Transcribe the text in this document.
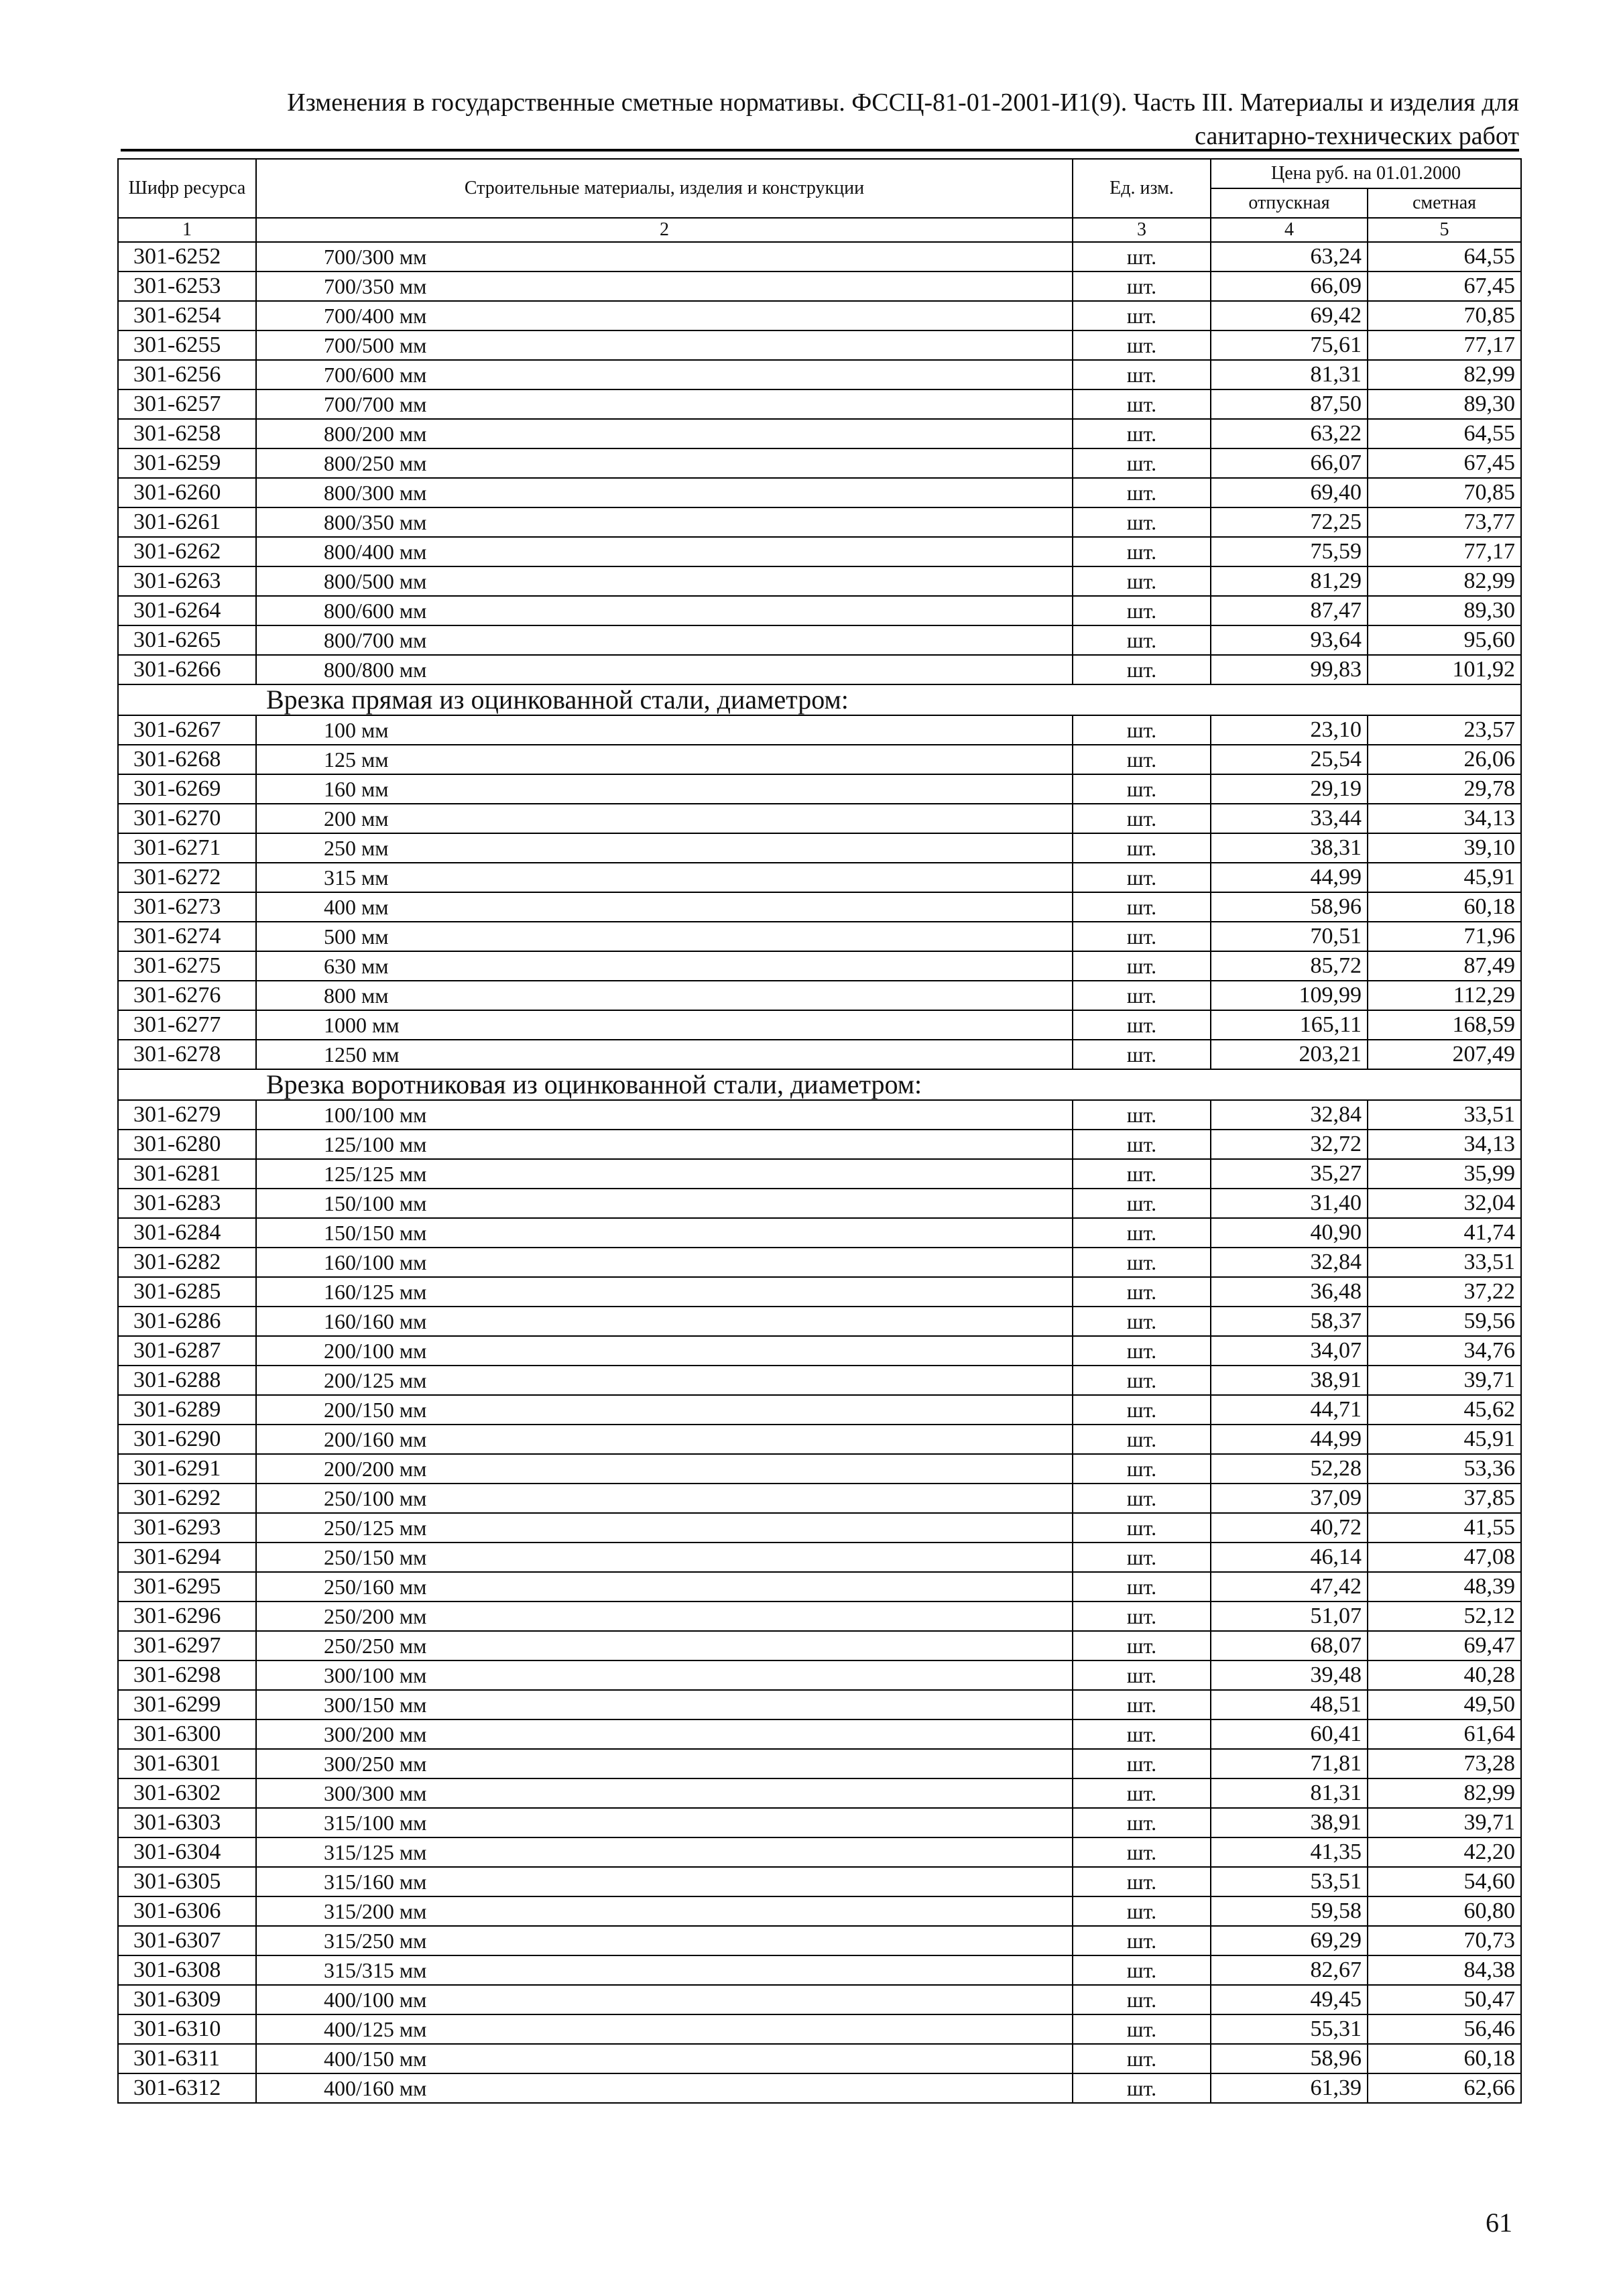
Изменения в государственные сметные нормативы. ФССЦ-81-01-2001-И1(9). Часть III. Материалы и изделия для
санитарно-технических работ
Шифр ресурса	Строительные материалы, изделия и конструкции	Ед. изм.	Цена руб. на 01.01.2000	
			отпускная	сметная
1	2	3	4	5
301-6252	700/300 мм	шт.	63,24	64,55
301-6253	700/350 мм	шт.	66,09	67,45
301-6254	700/400 мм	шт.	69,42	70,85
301-6255	700/500 мм	шт.	75,61	77,17
301-6256	700/600 мм	шт.	81,31	82,99
301-6257	700/700 мм	шт.	87,50	89,30
301-6258	800/200 мм	шт.	63,22	64,55
301-6259	800/250 мм	шт.	66,07	67,45
301-6260	800/300 мм	шт.	69,40	70,85
301-6261	800/350 мм	шт.	72,25	73,77
301-6262	800/400 мм	шт.	75,59	77,17
301-6263	800/500 мм	шт.	81,29	82,99
301-6264	800/600 мм	шт.	87,47	89,30
301-6265	800/700 мм	шт.	93,64	95,60
301-6266	800/800 мм	шт.	99,83	101,92
Врезка прямая из оцинкованной стали, диаметром:				
301-6267	100 мм	шт.	23,10	23,57
301-6268	125 мм	шт.	25,54	26,06
301-6269	160 мм	шт.	29,19	29,78
301-6270	200 мм	шт.	33,44	34,13
301-6271	250 мм	шт.	38,31	39,10
301-6272	315 мм	шт.	44,99	45,91
301-6273	400 мм	шт.	58,96	60,18
301-6274	500 мм	шт.	70,51	71,96
301-6275	630 мм	шт.	85,72	87,49
301-6276	800 мм	шт.	109,99	112,29
301-6277	1000 мм	шт.	165,11	168,59
301-6278	1250 мм	шт.	203,21	207,49
Врезка воротниковая из оцинкованной стали, диаметром:				
301-6279	100/100 мм	шт.	32,84	33,51
301-6280	125/100 мм	шт.	32,72	34,13
301-6281	125/125 мм	шт.	35,27	35,99
301-6283	150/100 мм	шт.	31,40	32,04
301-6284	150/150 мм	шт.	40,90	41,74
301-6282	160/100 мм	шт.	32,84	33,51
301-6285	160/125 мм	шт.	36,48	37,22
301-6286	160/160 мм	шт.	58,37	59,56
301-6287	200/100 мм	шт.	34,07	34,76
301-6288	200/125 мм	шт.	38,91	39,71
301-6289	200/150 мм	шт.	44,71	45,62
301-6290	200/160 мм	шт.	44,99	45,91
301-6291	200/200 мм	шт.	52,28	53,36
301-6292	250/100 мм	шт.	37,09	37,85
301-6293	250/125 мм	шт.	40,72	41,55
301-6294	250/150 мм	шт.	46,14	47,08
301-6295	250/160 мм	шт.	47,42	48,39
301-6296	250/200 мм	шт.	51,07	52,12
301-6297	250/250 мм	шт.	68,07	69,47
301-6298	300/100 мм	шт.	39,48	40,28
301-6299	300/150 мм	шт.	48,51	49,50
301-6300	300/200 мм	шт.	60,41	61,64
301-6301	300/250 мм	шт.	71,81	73,28
301-6302	300/300 мм	шт.	81,31	82,99
301-6303	315/100 мм	шт.	38,91	39,71
301-6304	315/125 мм	шт.	41,35	42,20
301-6305	315/160 мм	шт.	53,51	54,60
301-6306	315/200 мм	шт.	59,58	60,80
301-6307	315/250 мм	шт.	69,29	70,73
301-6308	315/315 мм	шт.	82,67	84,38
301-6309	400/100 мм	шт.	49,45	50,47
301-6310	400/125 мм	шт.	55,31	56,46
301-6311	400/150 мм	шт.	58,96	60,18
301-6312	400/160 мм	шт.	61,39	62,66
61
